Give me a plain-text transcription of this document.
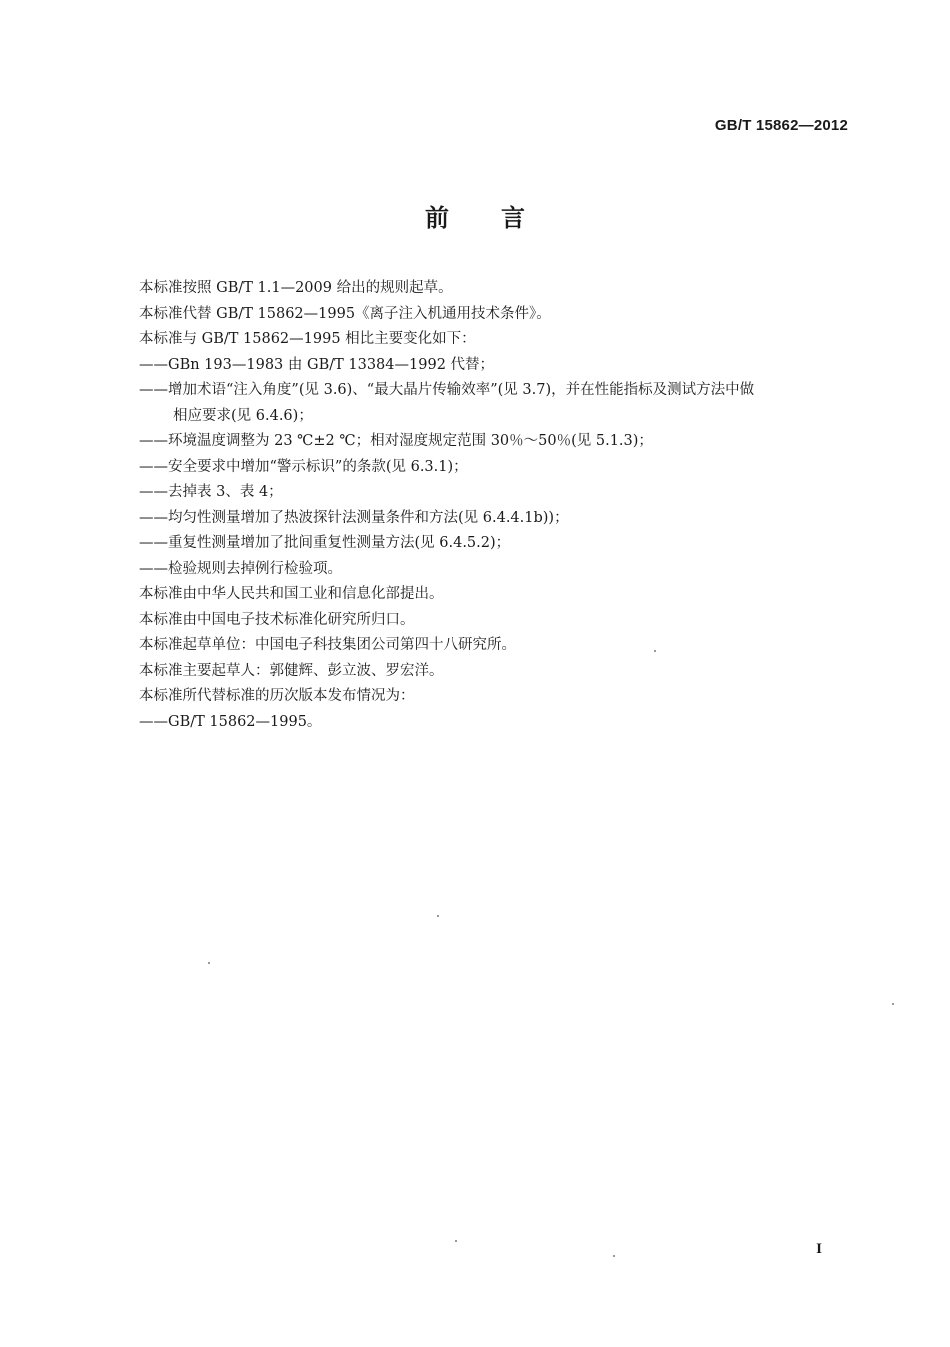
GB/T 15862—2012
前言
本标准按照 GB/T 1.1—2009 给出的规则起草。
本标准代替 GB/T 15862—1995《离子注入机通用技术条件》。
本标准与 GB/T 15862—1995 相比主要变化如下：
——GBn 193—1983 由 GB/T 13384—1992 代替；
——增加术语“注入角度”(见 3.6)、“最大晶片传输效率”(见 3.7)，并在性能指标及测试方法中做
相应要求(见 6.4.6)；
——环境温度调整为 23 ℃±2 ℃；相对湿度规定范围 30％～50％(见 5.1.3)；
——安全要求中增加“警示标识”的条款(见 6.3.1)；
——去掉表 3、表 4；
——均匀性测量增加了热波探针法测量条件和方法(见 6.4.4.1b))；
——重复性测量增加了批间重复性测量方法(见 6.4.5.2)；
——检验规则去掉例行检验项。
本标准由中华人民共和国工业和信息化部提出。
本标准由中国电子技术标准化研究所归口。
本标准起草单位：中国电子科技集团公司第四十八研究所。
本标准主要起草人：郭健辉、彭立波、罗宏洋。
本标准所代替标准的历次版本发布情况为：
——GB/T 15862—1995。
I
